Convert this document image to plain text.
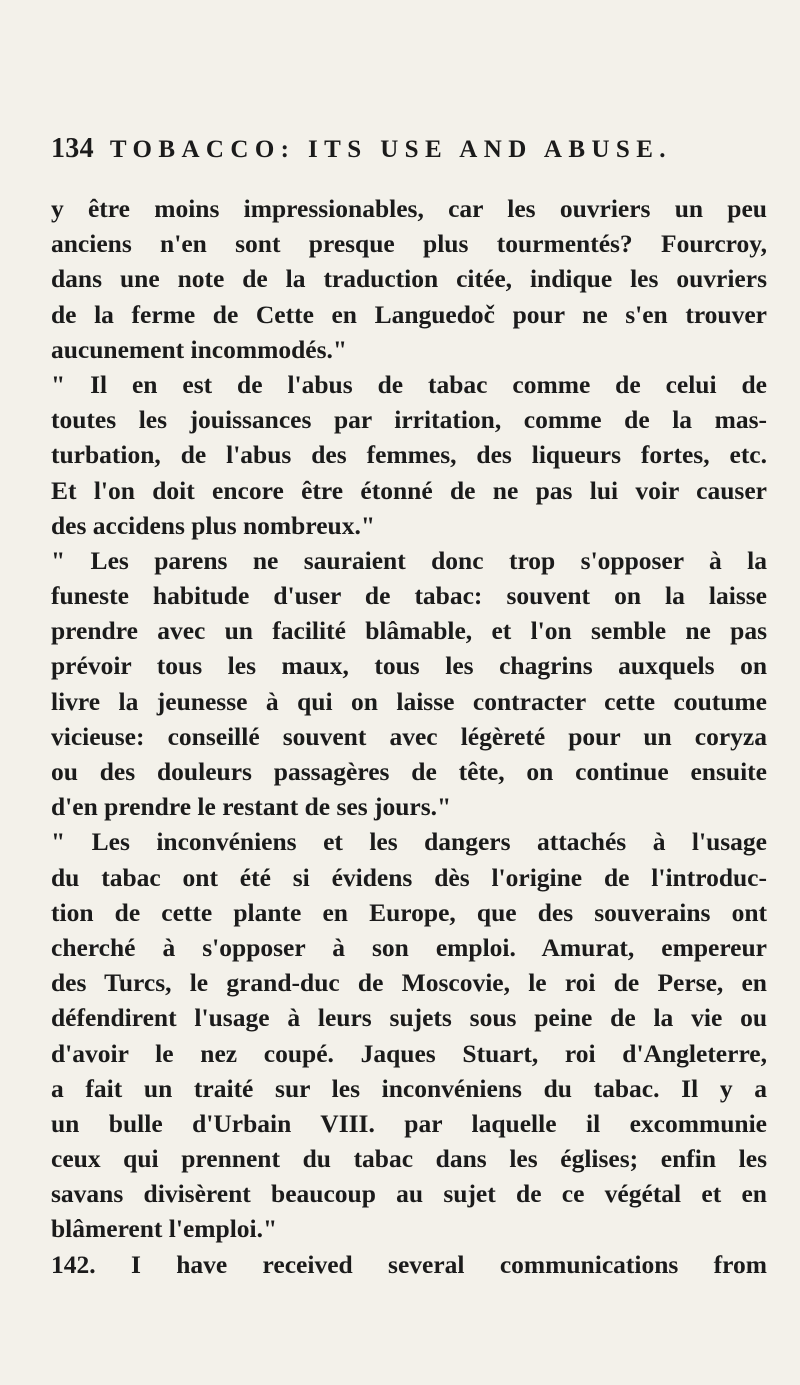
134 TOBACCO: ITS USE AND ABUSE.
y être moins impressionables, car les ouvriers un peu
anciens n'en sont presque plus tourmentés? Fourcroy,
dans une note de la traduction citée, indique les ouvriers
de la ferme de Cette en Languedoč pour ne s'en trouver
aucunement incommodés."
" Il en est de l'abus de tabac comme de celui de
toutes les jouissances par irritation, comme de la mas-
turbation, de l'abus des femmes, des liqueurs fortes, etc.
Et l'on doit encore être étonné de ne pas lui voir causer
des accidens plus nombreux."
" Les parens ne sauraient donc trop s'opposer à la
funeste habitude d'user de tabac: souvent on la laisse
prendre avec un facilité blâmable, et l'on semble ne pas
prévoir tous les maux, tous les chagrins auxquels on
livre la jeunesse à qui on laisse contracter cette coutume
vicieuse: conseillé souvent avec légèreté pour un coryza
ou des douleurs passagères de tête, on continue ensuite
d'en prendre le restant de ses jours."
" Les inconvéniens et les dangers attachés à l'usage
du tabac ont été si évidens dès l'origine de l'introduc-
tion de cette plante en Europe, que des souverains ont
cherché à s'opposer à son emploi. Amurat, empereur
des Turcs, le grand-duc de Moscovie, le roi de Perse, en
défendirent l'usage à leurs sujets sous peine de la vie ou
d'avoir le nez coupé. Jaques Stuart, roi d'Angleterre,
a fait un traité sur les inconvéniens du tabac. Il y a
un bulle d'Urbain VIII. par laquelle il excommunie
ceux qui prennent du tabac dans les églises; enfin les
savans divisèrent beaucoup au sujet de ce végétal et en
blâmerent l'emploi."
142. I have received several communications from
